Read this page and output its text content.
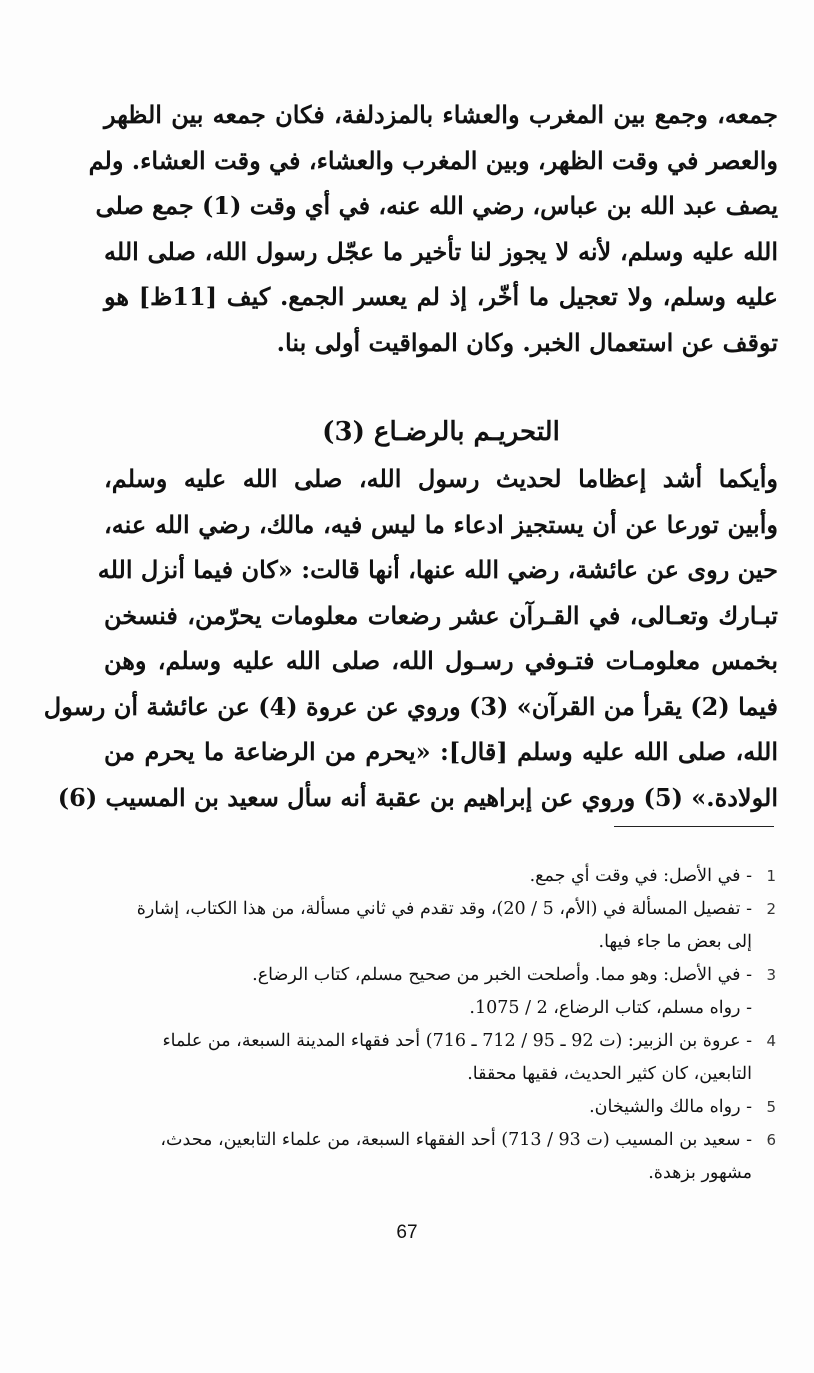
جمعه، وجمع بين المغرب والعشاء بالمزدلفة، فكان جمعه بين الظهر
والعصر في وقت الظهر، وبين المغرب والعشاء، في وقت العشاء. ولم
يصف عبد الله بن عباس، رضي الله عنه، في أي وقت (1) جمع صلى
الله عليه وسلم، لأنه لا يجوز لنا تأخير ما عجّل رسول الله، صلى الله
عليه وسلم، ولا تعجيل ما أخّر، إذ لم يعسر الجمع. كيف [11ظ] هو
توقف عن استعمال الخبر. وكان المواقيت أولى بنا.
التحريـم بالرضـاع (3)
وأيكما أشد إعظاما لحديث رسول الله، صلى الله عليه وسلم،
وأبين تورعا عن أن يستجيز ادعاء ما ليس فيه، مالك، رضي الله عنه،
حين روى عن عائشة، رضي الله عنها، أنها قالت: «كان فيما أنزل الله
تبـارك وتعـالى، في القـرآن عشر رضعات معلومات يحرّمن، فنسخن
بخمس معلومـات فتـوفي رسـول الله، صلى الله عليه وسلم، وهن
فيما (2) يقرأ من القرآن» (3) وروي عن عروة (4) عن عائشة أن رسول
الله، صلى الله عليه وسلم [قال]: «يحرم من الرضاعة ما يحرم من
الولادة.» (5) وروي عن إبراهيم بن عقبة أنه سأل سعيد بن المسيب (6)
1
- في الأصل: في وقت أي جمع.
2
- تفصيل المسألة في (الأم، 5 / 20)، وقد تقدم في ثاني مسألة، من هذا الكتاب، إشارة
إلى بعض ما جاء فيها.
3
- في الأصل: وهو مما. وأصلحت الخبر من صحيح مسلم، كتاب الرضاع.
- رواه مسلم، كتاب الرضاع، 2 / 1075.
4
- عروة بن الزبير: (ت 92 ـ 95 / 712 ـ 716) أحد فقهاء المدينة السبعة، من علماء
التابعين، كان كثير الحديث، فقيها محققا.
5
- رواه مالك والشيخان.
6
- سعيد بن المسيب (ت 93 / 713) أحد الفقهاء السبعة، من علماء التابعين، محدث،
مشهور بزهدة.
67
